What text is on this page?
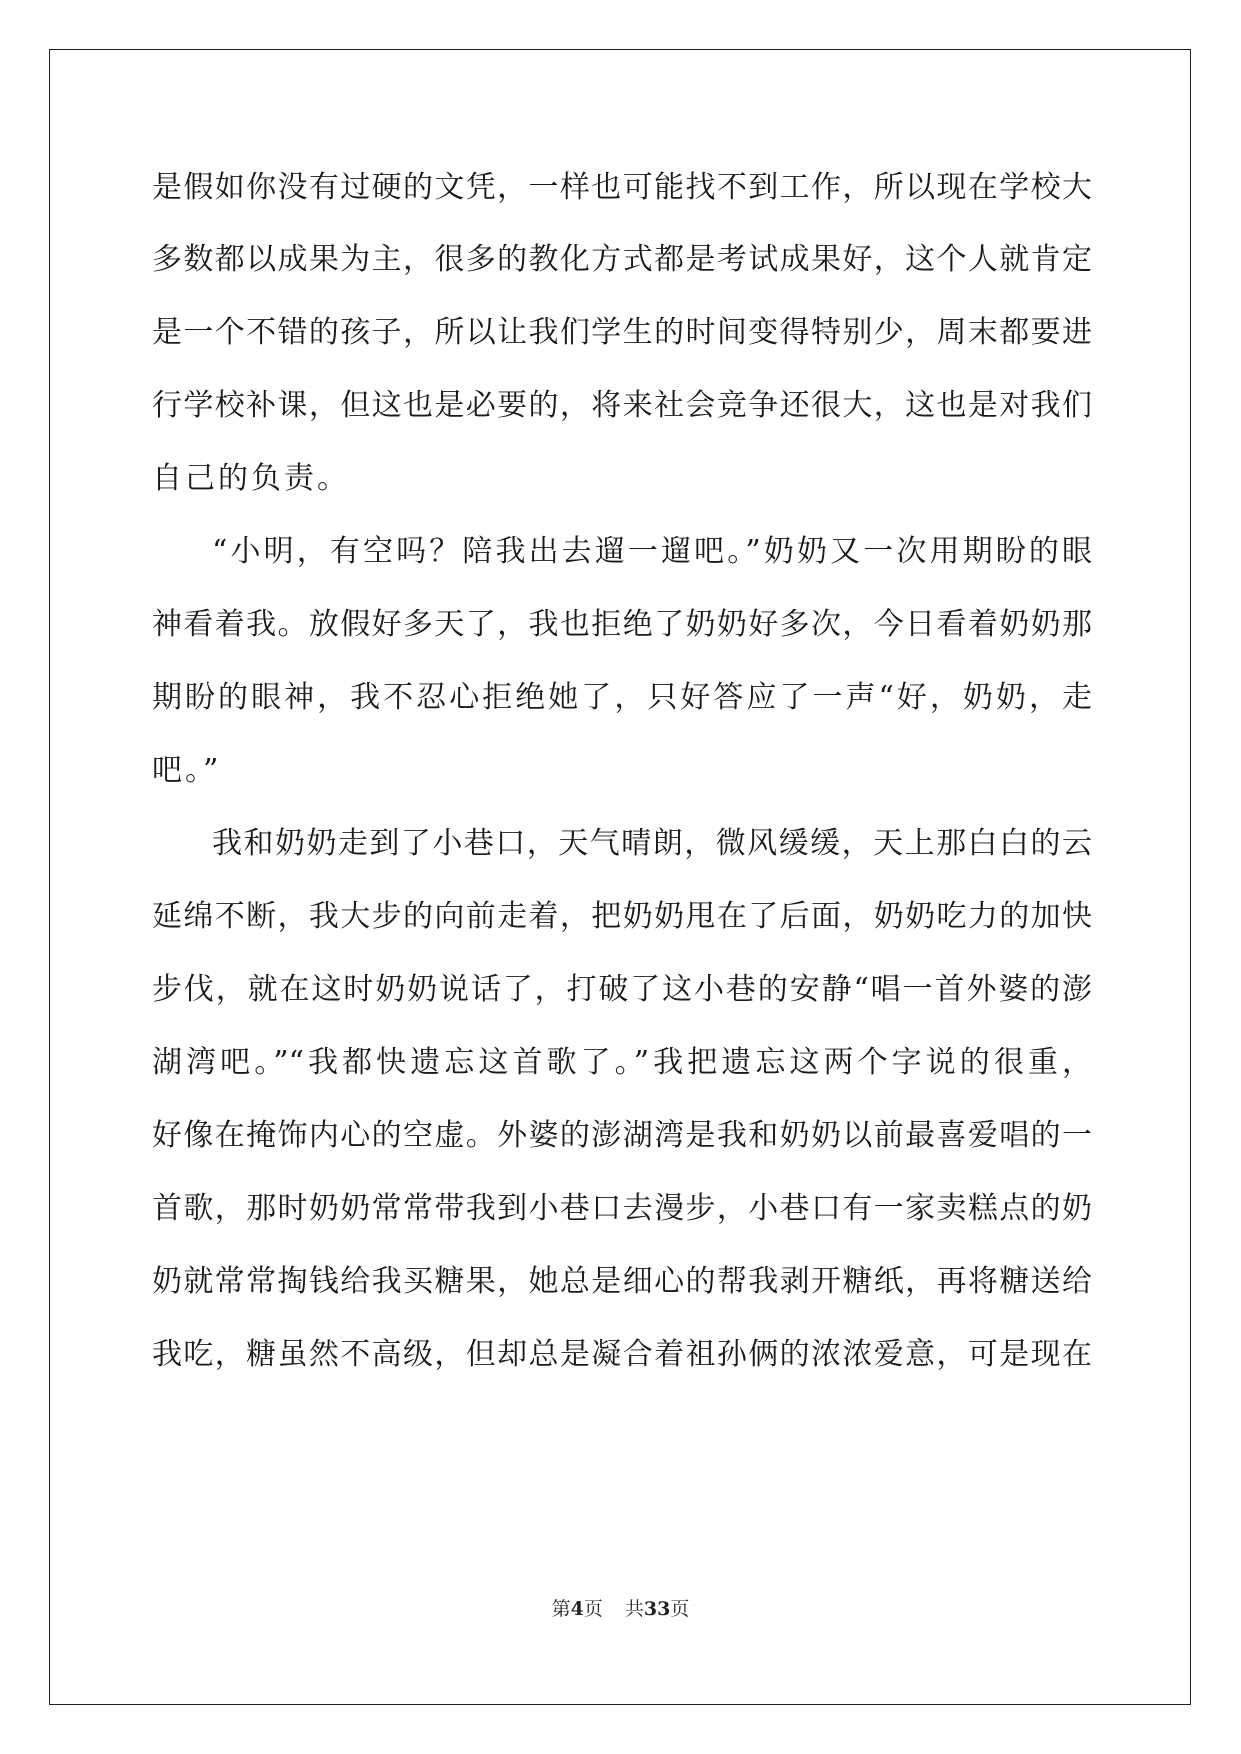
是假如你没有过硬的文凭，一样也可能找不到工作，所以现在学校大
多数都以成果为主，很多的教化方式都是考试成果好，这个人就肯定
是一个不错的孩子，所以让我们学生的时间变得特别少，周末都要进
行学校补课，但这也是必要的，将来社会竞争还很大，这也是对我们
自己的负责。
“小明，有空吗？陪我出去遛一遛吧。”奶奶又一次用期盼的眼
神看着我。放假好多天了，我也拒绝了奶奶好多次，今日看着奶奶那
期盼的眼神，我不忍心拒绝她了，只好答应了一声“好，奶奶，走
吧。”
我和奶奶走到了小巷口，天气晴朗，微风缓缓，天上那白白的云
延绵不断，我大步的向前走着，把奶奶甩在了后面，奶奶吃力的加快
步伐，就在这时奶奶说话了，打破了这小巷的安静“唱一首外婆的澎
湖湾吧。”“我都快遗忘这首歌了。”我把遗忘这两个字说的很重，
好像在掩饰内心的空虚。外婆的澎湖湾是我和奶奶以前最喜爱唱的一
首歌，那时奶奶常常带我到小巷口去漫步，小巷口有一家卖糕点的奶
奶就常常掏钱给我买糖果，她总是细心的帮我剥开糖纸，再将糖送给
我吃，糖虽然不高级，但却总是凝合着祖孙俩的浓浓爱意，可是现在
第4页 共33页
